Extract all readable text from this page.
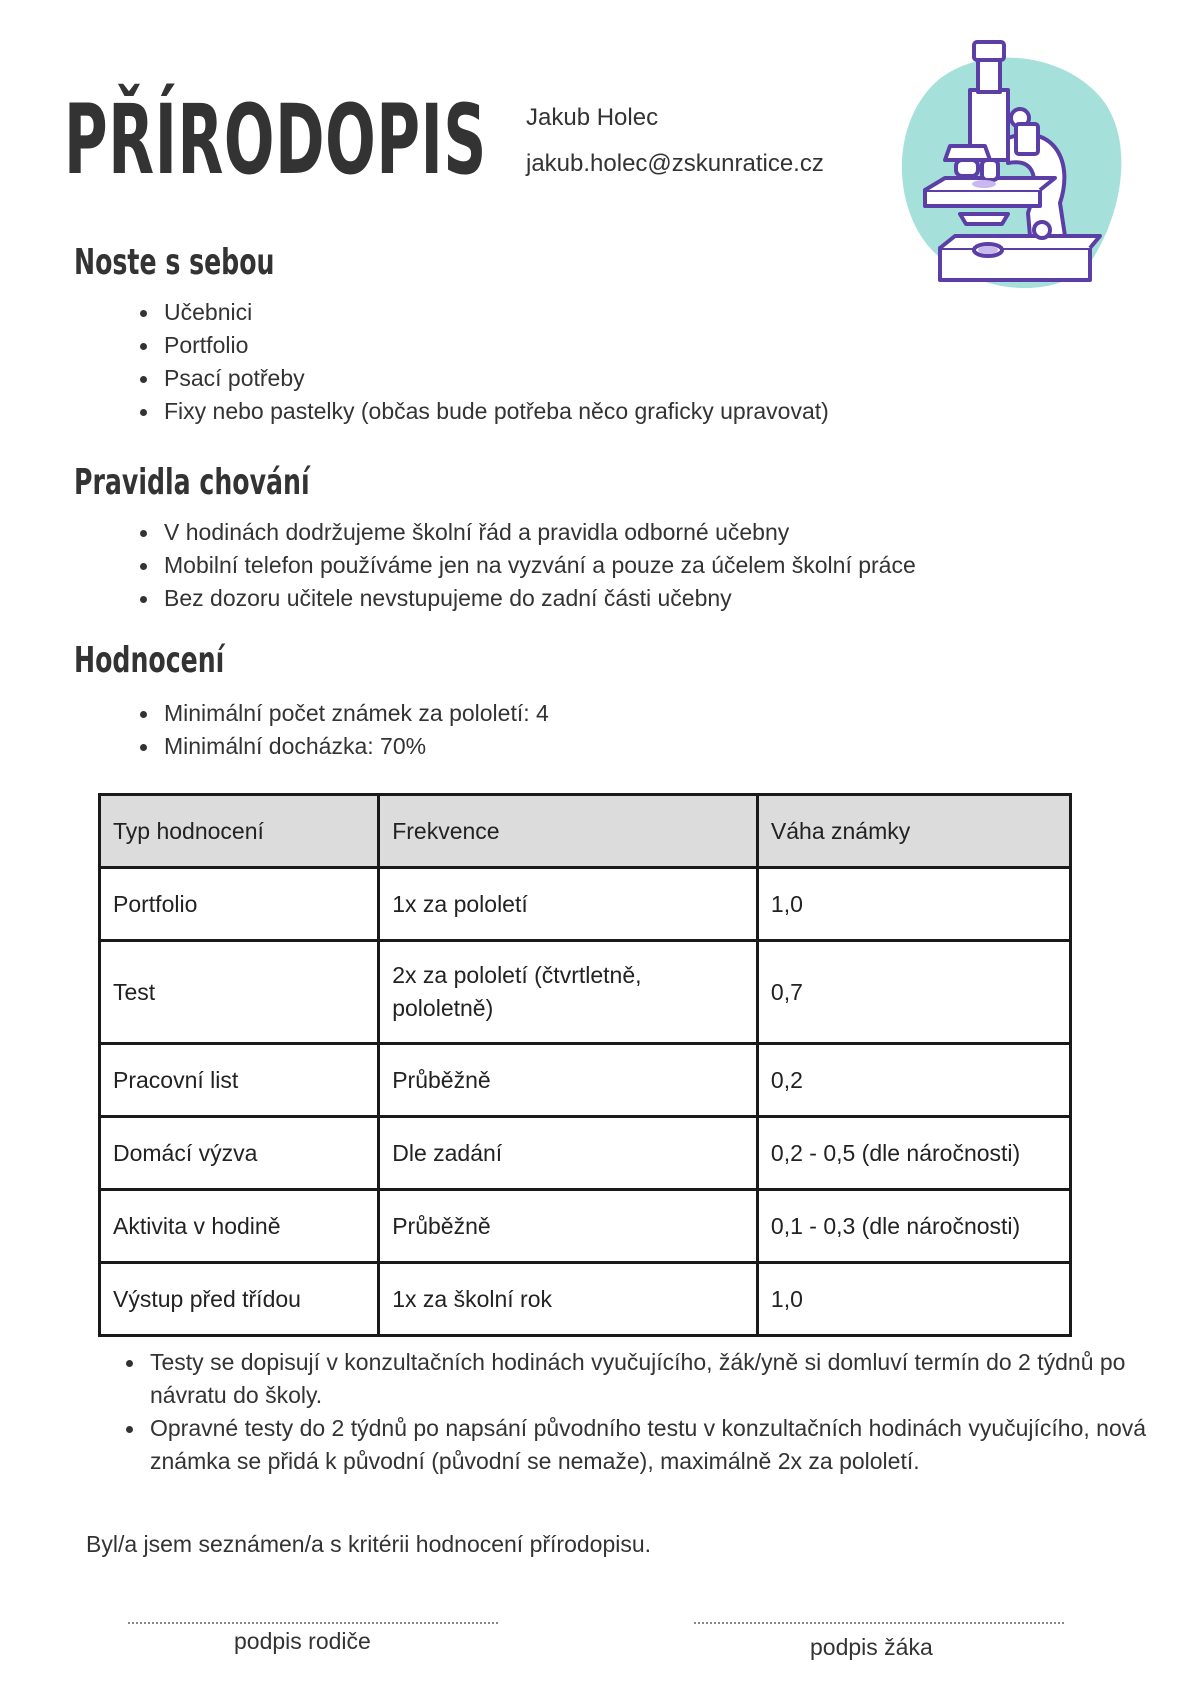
PŘÍRODOPIS Jakub Holec
jakub.holec@zskunratice.cz
Noste s sebou
Učebnici
Portfolio
Psací potřeby
Fixy nebo pastelky (občas bude potřeba něco graficky upravovat)
Pravidla chování
V hodinách dodržujeme školní řád a pravidla odborné učebny
Mobilní telefon používáme jen na vyzvání a pouze za účelem školní práce
Bez dozoru učitele nevstupujeme do zadní části učebny
Hodnocení
Minimální počet známek za pololetí: 4
Minimální docházka: 70%
Typ hodnocení	Frekvence	Váha známky
Portfolio	1x za pololetí	1,0
Test	2x za pololetí (čtvrtletně, pololetně)	0,7
Pracovní list	Průběžně	0,2
Domácí výzva	Dle zadání	0,2 - 0,5 (dle náročnosti)
Aktivita v hodině	Průběžně	0,1 - 0,3 (dle náročnosti)
Výstup před třídou	1x za školní rok	1,0
Testy se dopisují v konzultačních hodinách vyučujícího, žák/yně si domluví termín do 2 týdnů po návratu do školy.
Opravné testy do 2 týdnů po napsání původního testu v konzultačních hodinách vyučujícího, nová známka se přidá k původní (původní se nemaže), maximálně 2x za pololetí.
Byl/a jsem seznámen/a s kritérii hodnocení přírodopisu.
podpis rodiče	podpis žáka
